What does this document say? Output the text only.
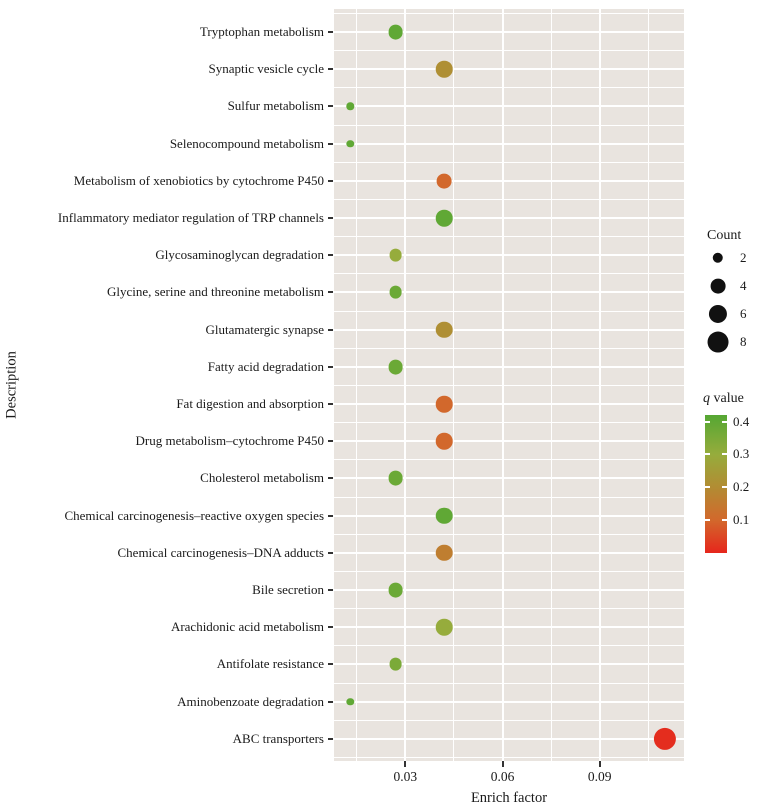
Tryptophan metabolism
Synaptic vesicle cycle
Sulfur metabolism
Selenocompound metabolism
Metabolism of xenobiotics by cytochrome P450
Inflammatory mediator regulation of TRP channels
Glycosaminoglycan degradation
Glycine, serine and threonine metabolism
Glutamatergic synapse
Fatty acid degradation
Fat digestion and absorption
Drug metabolism–cytochrome P450
Cholesterol metabolism
Chemical carcinogenesis–reactive oxygen species
Chemical carcinogenesis–DNA adducts
Bile secretion
Arachidonic acid metabolism
Antifolate resistance
Aminobenzoate degradation
ABC transporters
0.03	0.06	0.09
Enrich factor
Description
Count
2
4
6
8
q value
0.4
0.3
0.2
0.1
